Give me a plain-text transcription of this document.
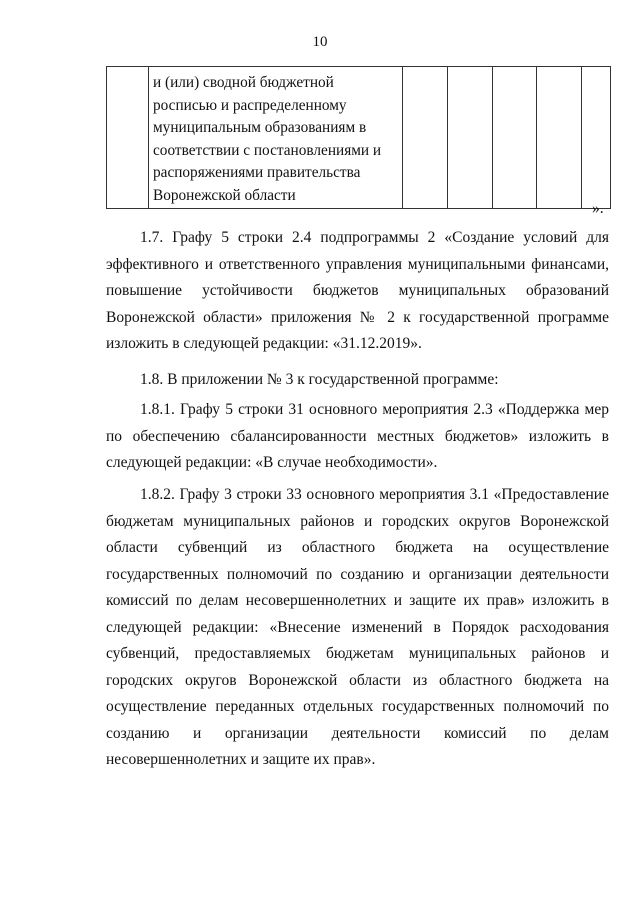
10

и (или) сводной бюджетной
росписью и распределенному
муниципальным образованиям в
соответствии с постановлениями и
распоряжениями правительства
Воронежской области

».

1.7. Графу 5 строки 2.4 подпрограммы 2 «Создание условий для
эффективного и ответственного управления муниципальными финансами,
повышение устойчивости бюджетов муниципальных образований
Воронежской области» приложения № 2 к государственной программе
изложить в следующей редакции: «31.12.2019».

1.8. В приложении № 3 к государственной программе:

1.8.1. Графу 5 строки 31 основного мероприятия 2.3 «Поддержка мер
по обеспечению сбалансированности местных бюджетов» изложить в
следующей редакции: «В случае необходимости».

1.8.2. Графу 3 строки 33 основного мероприятия 3.1 «Предоставление
бюджетам муниципальных районов и городских округов Воронежской
области субвенций из областного бюджета на осуществление
государственных полномочий по созданию и организации деятельности
комиссий по делам несовершеннолетних и защите их прав» изложить в
следующей редакции: «Внесение изменений в Порядок расходования
субвенций, предоставляемых бюджетам муниципальных районов и
городских округов Воронежской области из областного бюджета на
осуществление переданных отдельных государственных полномочий по
созданию и организации деятельности комиссий по делам
несовершеннолетних и защите их прав».
